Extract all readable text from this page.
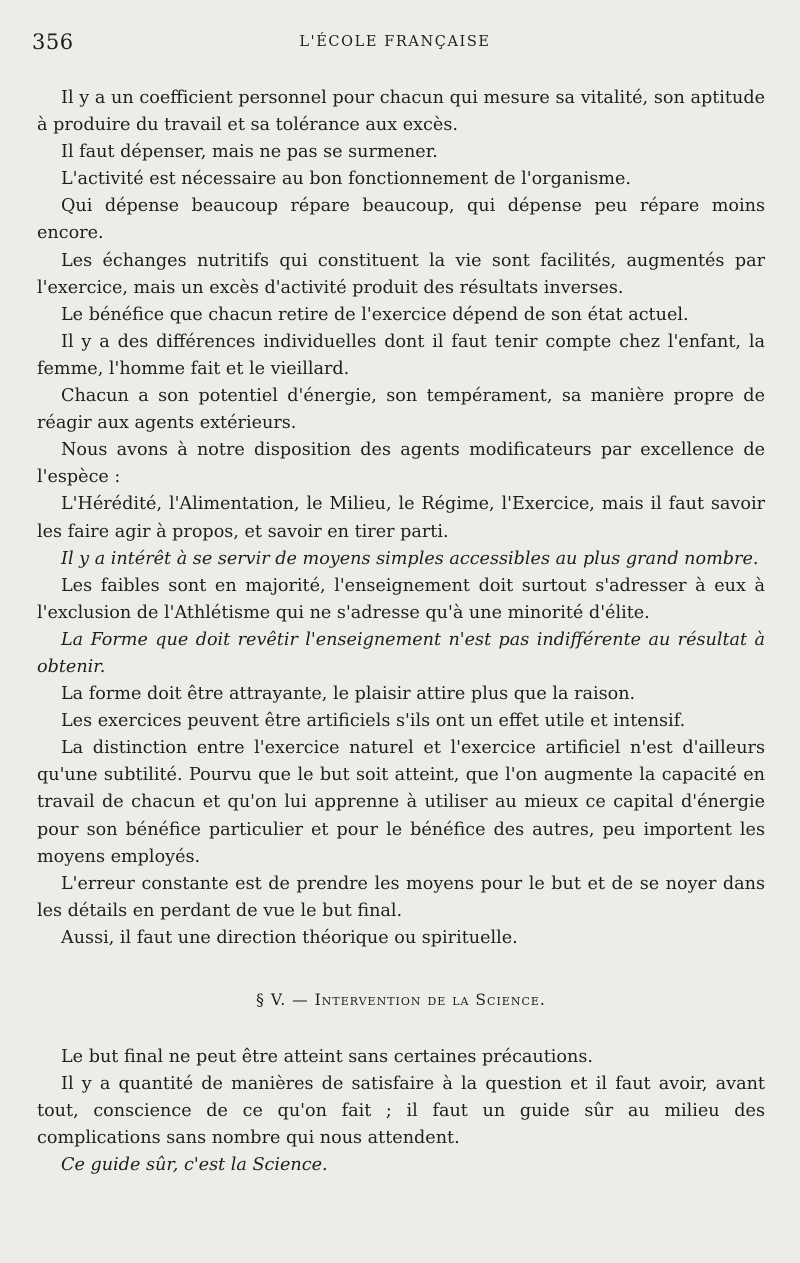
356	L'ÉCOLE FRANÇAISE

Il y a un coefficient personnel pour chacun qui mesure sa vitalité, son aptitude à produire du travail et sa tolérance aux excès.

Il faut dépenser, mais ne pas se surmener.

L'activité est nécessaire au bon fonctionnement de l'organisme.

Qui dépense beaucoup répare beaucoup, qui dépense peu répare moins encore.

Les échanges nutritifs qui constituent la vie sont facilités, augmentés par l'exercice, mais un excès d'activité produit des résultats inverses.

Le bénéfice que chacun retire de l'exercice dépend de son état actuel.

Il y a des différences individuelles dont il faut tenir compte chez l'enfant, la femme, l'homme fait et le vieillard.

Chacun a son potentiel d'énergie, son tempérament, sa manière propre de réagir aux agents extérieurs.

Nous avons à notre disposition des agents modificateurs par excellence de l'espèce :

L'Hérédité, l'Alimentation, le Milieu, le Régime, l'Exercice, mais il faut savoir les faire agir à propos, et savoir en tirer parti.

Il y a intérêt à se servir de moyens simples accessibles au plus grand nombre.

Les faibles sont en majorité, l'enseignement doit surtout s'adresser à eux à l'exclusion de l'Athlétisme qui ne s'adresse qu'à une minorité d'élite.

La Forme que doit revêtir l'enseignement n'est pas indifférente au résultat à obtenir.

La forme doit être attrayante, le plaisir attire plus que la raison.

Les exercices peuvent être artificiels s'ils ont un effet utile et intensif.

La distinction entre l'exercice naturel et l'exercice artificiel n'est d'ailleurs qu'une subtilité. Pourvu que le but soit atteint, que l'on augmente la capacité en travail de chacun et qu'on lui apprenne à utiliser au mieux ce capital d'énergie pour son bénéfice particulier et pour le bénéfice des autres, peu importent les moyens employés.

L'erreur constante est de prendre les moyens pour le but et de se noyer dans les détails en perdant de vue le but final.

Aussi, il faut une direction théorique ou spirituelle.

§ V. — Intervention de la Science.

Le but final ne peut être atteint sans certaines précautions.

Il y a quantité de manières de satisfaire à la question et il faut avoir, avant tout, conscience de ce qu'on fait ; il faut un guide sûr au milieu des complications sans nombre qui nous attendent.

Ce guide sûr, c'est la Science.
